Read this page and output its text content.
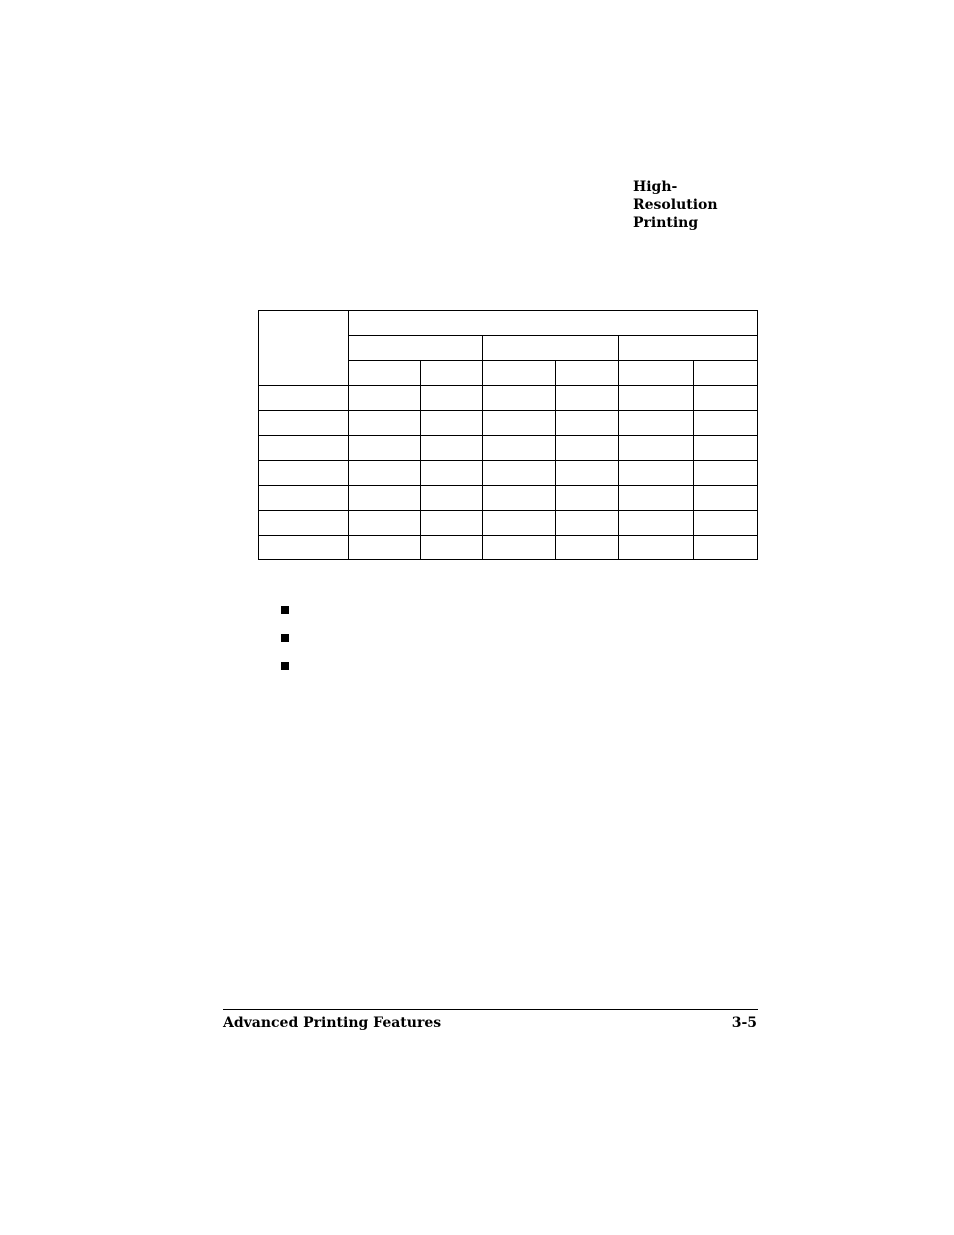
High-
Resolution
Printing
Advanced Printing Features	3-5
